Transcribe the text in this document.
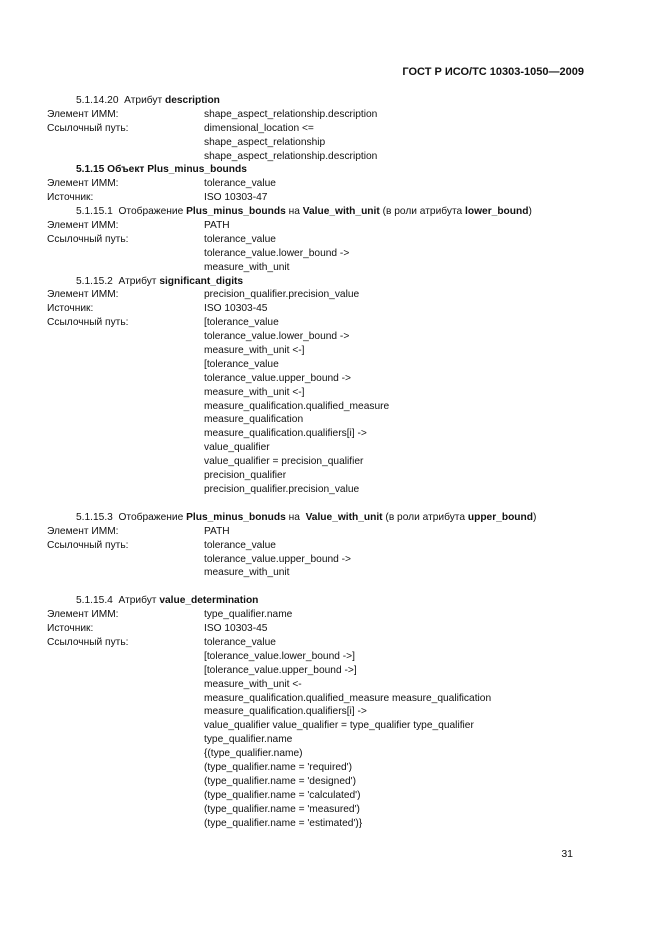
ГОСТ Р ИСО/ТС 10303-1050—2009
5.1.14.20 Атрибут description
Элемент ИММ:	shape_aspect_relationship.description
Ссылочный путь:	dimensional_location <=
shape_aspect_relationship
shape_aspect_relationship.description
5.1.15 Объект Plus_minus_bounds
Элемент ИММ:	tolerance_value
Источник:	ISO 10303-47
5.1.15.1 Отображение Plus_minus_bounds на Value_with_unit (в роли атрибута lower_bound)
Элемент ИММ:	PATH
Ссылочный путь:	tolerance_value
tolerance_value.lower_bound ->
measure_with_unit
5.1.15.2 Атрибут significant_digits
Элемент ИММ:	precision_qualifier.precision_value
Источник:	ISO 10303-45
Ссылочный путь:	[tolerance_value
tolerance_value.lower_bound ->
measure_with_unit <-]
[tolerance_value
tolerance_value.upper_bound ->
measure_with_unit <-]
measure_qualification.qualified_measure
measure_qualification
measure_qualification.qualifiers[i] ->
value_qualifier
value_qualifier = precision_qualifier
precision_qualifier
precision_qualifier.precision_value
5.1.15.3 Отображение Plus_minus_bonuds на Value_with_unit (в роли атрибута upper_bound)
Элемент ИММ:	PATH
Ссылочный путь:	tolerance_value
tolerance_value.upper_bound ->
measure_with_unit
5.1.15.4 Атрибут value_determination
Элемент ИММ:	type_qualifier.name
Источник:	ISO 10303-45
Ссылочный путь:	tolerance_value
[tolerance_value.lower_bound ->]
[tolerance_value.upper_bound ->]
measure_with_unit <-
measure_qualification.qualified_measure measure_qualification
measure_qualification.qualifiers[i] ->
value_qualifier value_qualifier = type_qualifier type_qualifier
type_qualifier.name
{(type_qualifier.name)
(type_qualifier.name = 'required')
(type_qualifier.name = 'designed')
(type_qualifier.name = 'calculated')
(type_qualifier.name = 'measured')
(type_qualifier.name = 'estimated')}
31
